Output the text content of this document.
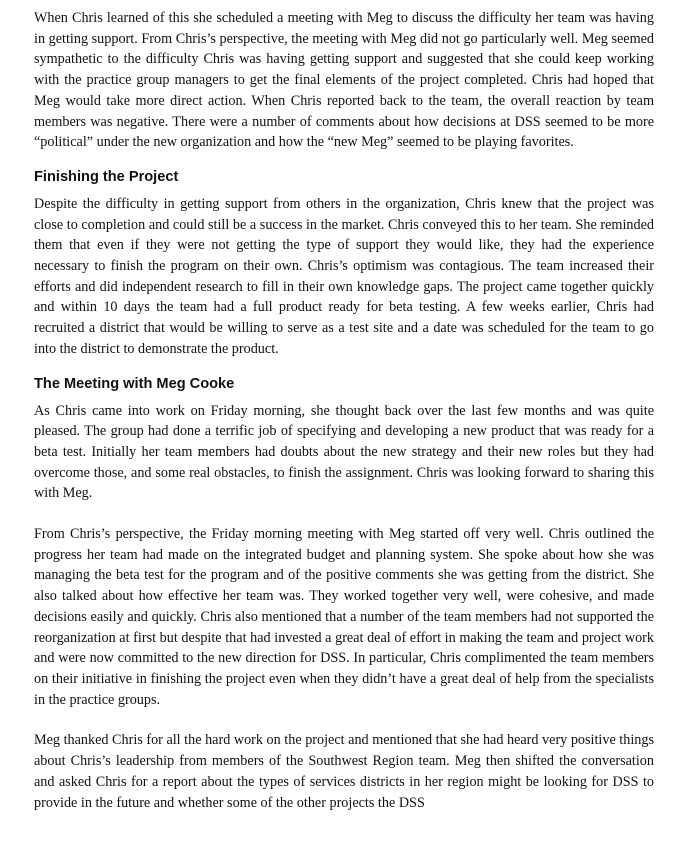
When Chris learned of this she scheduled a meeting with Meg to discuss the difficulty her team was having in getting support. From Chris’s perspective, the meeting with Meg did not go particularly well. Meg seemed sympathetic to the difficulty Chris was having getting support and suggested that she could keep working with the practice group managers to get the final elements of the project completed. Chris had hoped that Meg would take more direct action. When Chris reported back to the team, the overall reaction by team members was negative. There were a number of comments about how decisions at DSS seemed to be more “political” under the new organization and how the “new Meg” seemed to be playing favorites.

Finishing the Project

Despite the difficulty in getting support from others in the organization, Chris knew that the project was close to completion and could still be a success in the market. Chris conveyed this to her team. She reminded them that even if they were not getting the type of support they would like, they had the experience necessary to finish the program on their own. Chris’s optimism was contagious. The team increased their efforts and did independent research to fill in their own knowledge gaps. The project came together quickly and within 10 days the team had a full product ready for beta testing. A few weeks earlier, Chris had recruited a district that would be willing to serve as a test site and a date was scheduled for the team to go into the district to demonstrate the product.

The Meeting with Meg Cooke

As Chris came into work on Friday morning, she thought back over the last few months and was quite pleased. The group had done a terrific job of specifying and developing a new product that was ready for a beta test. Initially her team members had doubts about the new strategy and their new roles but they had overcome those, and some real obstacles, to finish the assignment. Chris was looking forward to sharing this with Meg.

From Chris’s perspective, the Friday morning meeting with Meg started off very well. Chris outlined the progress her team had made on the integrated budget and planning system. She spoke about how she was managing the beta test for the program and of the positive comments she was getting from the district. She also talked about how effective her team was. They worked together very well, were cohesive, and made decisions easily and quickly. Chris also mentioned that a number of the team members had not supported the reorganization at first but despite that had invested a great deal of effort in making the team and project work and were now committed to the new direction for DSS. In particular, Chris complimented the team members on their initiative in finishing the project even when they didn’t have a great deal of help from the specialists in the practice groups.

Meg thanked Chris for all the hard work on the project and mentioned that she had heard very positive things about Chris’s leadership from members of the Southwest Region team. Meg then shifted the conversation and asked Chris for a report about the types of services districts in her region might be looking for DSS to provide in the future and whether some of the other projects the DSS
